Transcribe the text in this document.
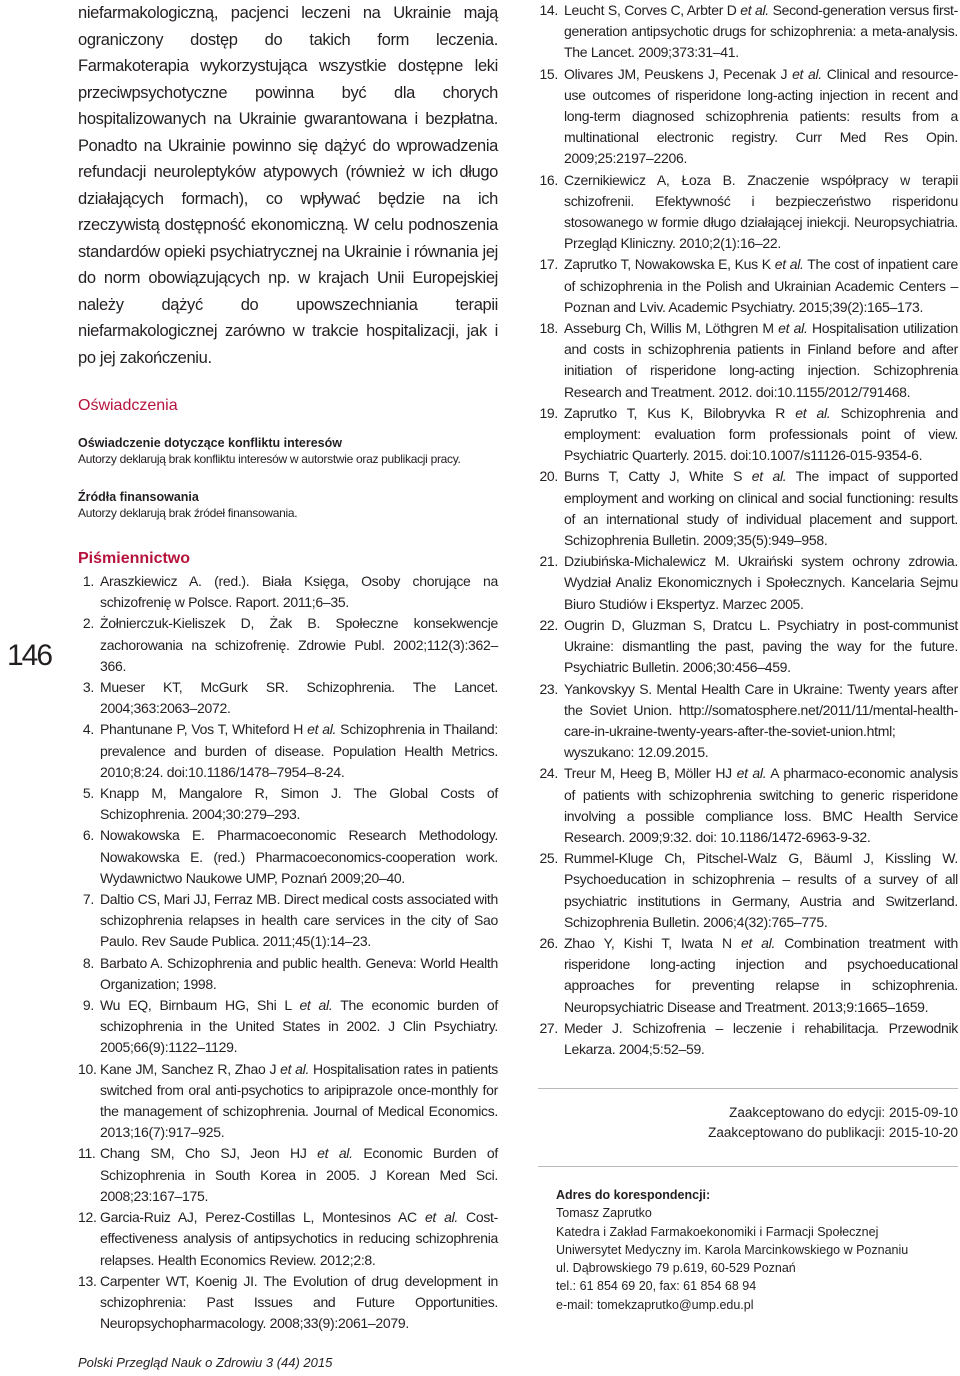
146

niefarmakologiczną, pacjenci leczeni na Ukrainie mają ograniczony dostęp do takich form leczenia. Farmakoterapia wykorzystująca wszystkie dostępne leki przeciwpsychotyczne powinna być dla chorych hospitalizowanych na Ukrainie gwarantowana i bezpłatna. Ponadto na Ukrainie powinno się dążyć do wprowadzenia refundacji neuroleptyków atypowych (również w ich długo działających formach), co wpływać będzie na ich rzeczywistą dostępność ekonomiczną. W celu podnoszenia standardów opieki psychiatrycznej na Ukrainie i równania jej do norm obowiązujących np. w krajach Unii Europejskiej należy dążyć do upowszechniania terapii niefarmakologicznej zarówno w trakcie hospitalizacji, jak i po jej zakończeniu.

Oświadczenia

Oświadczenie dotyczące konfliktu interesów

Autorzy deklarują brak konfliktu interesów w autorstwie oraz publikacji pracy.

Źródła finansowania

Autorzy deklarują brak źródeł finansowania.

Piśmiennictwo
1. Araszkiewicz A. (red.). Biała Księga, Osoby chorujące na schizofrenię w Polsce. Raport. 2011;6–35.
2. Żołnierczuk-Kieliszek D, Żak B. Społeczne konsekwencje zachorowania na schizofrenię. Zdrowie Publ. 2002;112(3):362–366.
3. Mueser KT, McGurk SR. Schizophrenia. The Lancet. 2004;363:2063–2072.
4. Phantunane P, Vos T, Whiteford H et al. Schizophrenia in Thailand: prevalence and burden of disease. Population Health Metrics. 2010;8:24. doi:10.1186/1478–7954–8-24.
5. Knapp M, Mangalore R, Simon J. The Global Costs of Schizophrenia. 2004;30:279–293.
6. Nowakowska E. Pharmacoeconomic Research Methodology. Nowakowska E. (red.) Pharmacoeconomics-cooperation work. Wydawnictwo Naukowe UMP, Poznań 2009;20–40.
7. Daltio CS, Mari JJ, Ferraz MB. Direct medical costs associated with schizophrenia relapses in health care services in the city of Sao Paulo. Rev Saude Publica. 2011;45(1):14–23.
8. Barbato A. Schizophrenia and public health. Geneva: World Health Organization; 1998.
9. Wu EQ, Birnbaum HG, Shi L et al. The economic burden of schizophrenia in the United States in 2002. J Clin Psychiatry. 2005;66(9):1122–1129.
10. Kane JM, Sanchez R, Zhao J et al. Hospitalisation rates in patients switched from oral anti-psychotics to aripiprazole once-monthly for the management of schizophrenia. Journal of Medical Economics. 2013;16(7):917–925.
11. Chang SM, Cho SJ, Jeon HJ et al. Economic Burden of Schizophrenia in South Korea in 2005. J Korean Med Sci. 2008;23:167–175.
12. Garcia-Ruiz AJ, Perez-Costillas L, Montesinos AC et al. Cost-effectiveness analysis of antipsychotics in reducing schizophrenia relapses. Health Economics Review. 2012;2:8.
13. Carpenter WT, Koenig JI. The Evolution of drug development in schizophrenia: Past Issues and Future Opportunities. Neuropsychopharmacology. 2008;33(9):2061–2079.
14. Leucht S, Corves C, Arbter D et al. Second-generation versus first-generation antipsychotic drugs for schizophrenia: a meta-analysis. The Lancet. 2009;373:31–41.
15. Olivares JM, Peuskens J, Pecenak J et al. Clinical and resource-use outcomes of risperidone long-acting injection in recent and long-term diagnosed schizophrenia patients: results from a multinational electronic registry. Curr Med Res Opin. 2009;25:2197–2206.
16. Czernikiewicz A, Łoza B. Znaczenie współpracy w terapii schizofrenii. Efektywność i bezpieczeństwo risperidonu stosowanego w formie długo działającej iniekcji. Neuropsychiatria. Przegląd Kliniczny. 2010;2(1):16–22.
17. Zaprutko T, Nowakowska E, Kus K et al. The cost of inpatient care of schizophrenia in the Polish and Ukrainian Academic Centers – Poznan and Lviv. Academic Psychiatry. 2015;39(2):165–173.
18. Asseburg Ch, Willis M, Löthgren M et al. Hospitalisation utilization and costs in schizophrenia patients in Finland before and after initiation of risperidone long-acting injection. Schizophrenia Research and Treatment. 2012. doi:10.1155/2012/791468.
19. Zaprutko T, Kus K, Bilobryvka R et al. Schizophrenia and employment: evaluation form professionals point of view. Psychiatric Quarterly. 2015. doi:10.1007/s11126-015-9354-6.
20. Burns T, Catty J, White S et al. The impact of supported employment and working on clinical and social functioning: results of an international study of individual placement and support. Schizophrenia Bulletin. 2009;35(5):949–958.
21. Dziubińska-Michalewicz M. Ukraiński system ochrony zdrowia. Wydział Analiz Ekonomicznych i Społecznych. Kancelaria Sejmu Biuro Studiów i Ekspertyz. Marzec 2005.
22. Ougrin D, Gluzman S, Dratcu L. Psychiatry in post-communist Ukraine: dismantling the past, paving the way for the future. Psychiatric Bulletin. 2006;30:456–459.
23. Yankovskyy S. Mental Health Care in Ukraine: Twenty years after the Soviet Union. http://somatosphere.net/2011/11/mental-health-care-in-ukraine-twenty-years-after-the-soviet-union.html; wyszukano: 12.09.2015.
24. Treur M, Heeg B, Möller HJ et al. A pharmaco-economic analysis of patients with schizophrenia switching to generic risperidone involving a possible compliance loss. BMC Health Service Research. 2009;9:32. doi: 10.1186/1472-6963-9-32.
25. Rummel-Kluge Ch, Pitschel-Walz G, Bäuml J, Kissling W. Psychoeducation in schizophrenia – results of a survey of all psychiatric institutions in Germany, Austria and Switzerland. Schizophrenia Bulletin. 2006;4(32):765–775.
26. Zhao Y, Kishi T, Iwata N et al. Combination treatment with risperidone long-acting injection and psychoeducational approaches for preventing relapse in schizophrenia. Neuropsychiatric Disease and Treatment. 2013;9:1665–1659.
27. Meder J. Schizofrenia – leczenie i rehabilitacja. Przewodnik Lekarza. 2004;5:52–59.
Zaakceptowano do edycji: 2015-09-10
Zaakceptowano do publikacji: 2015-10-20
Adres do korespondencji:
Tomasz Zaprutko
Katedra i Zakład Farmakoekonomiki i Farmacji Społecznej
Uniwersytet Medyczny im. Karola Marcinkowskiego w Poznaniu
ul. Dąbrowskiego 79 p.619, 60-529 Poznań
tel.: 61 854 69 20, fax: 61 854 68 94
e-mail: tomekzaprutko@ump.edu.pl
Polski Przegląd Nauk o Zdrowiu 3 (44) 2015
